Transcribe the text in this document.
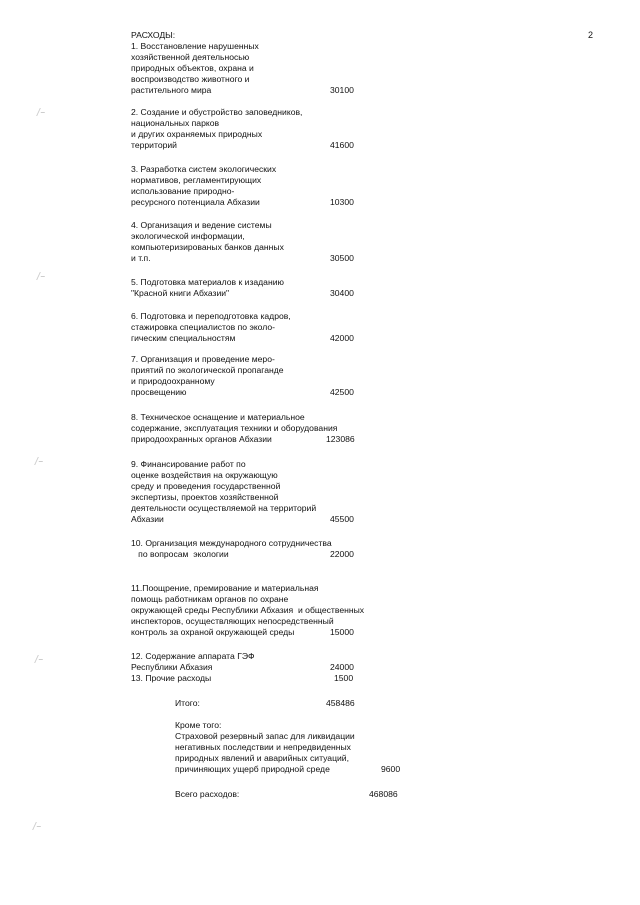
2
РАСХОДЫ:
1. Восстановление нарушенных
хозяйственной деятельносью
природных объектов, охрана и
воспроизводство животного и
растительного мира	30100
2. Создание и обустройство заповедников,
национальных парков
и других охраняемых природных
территорий	41600
3. Разработка систем экологических
нормативов, регламентирующих
использование природно-
ресурсного потенциала Абхазии	10300
4. Организация и ведение системы
экологической информации,
компьютеризированых банков данных
и т.п.	30500
5. Подготовка материалов к изаданию
"Красной книги Абхазии"	30400
6. Подготовка и переподготовка кадров,
стажировка специалистов по эколо-
гическим специальностям	42000
7. Организация и проведение меро-
приятий по экологической пропаганде
и природоохранному
просвещению	42500
8. Техническое оснащение и материальное
содержание, эксплуатация техники и оборудования
природоохранных органов Абхазии	123086
9. Финансирование работ по
оценке воздействия на окружающую
среду и проведения государственной
экспертизы, проектов хозяйственной
деятельности осуществляемой на территорий
Абхазии	45500
10. Организация международного сотрудничества
по вопросам  экологии	22000
11.Поощрение, премирование и материальная
помощь работникам органов по охране
окружающей среды Республики Абхазия  и общественных
инспекторов, осуществляющих непосредственный
контроль за охраной окружающей среды	15000
12. Содержание аппарата ГЭФ
Республики Абхазия	24000
13. Прочие расходы	1500
Итого:	458486
Кроме того:
Страховой резервный запас для ликвидации
негативных последствии и непредвиденных
природных явлений и аварийных ситуаций,
причиняющих ущерб природной среде	9600
Всего расходов:	468086
